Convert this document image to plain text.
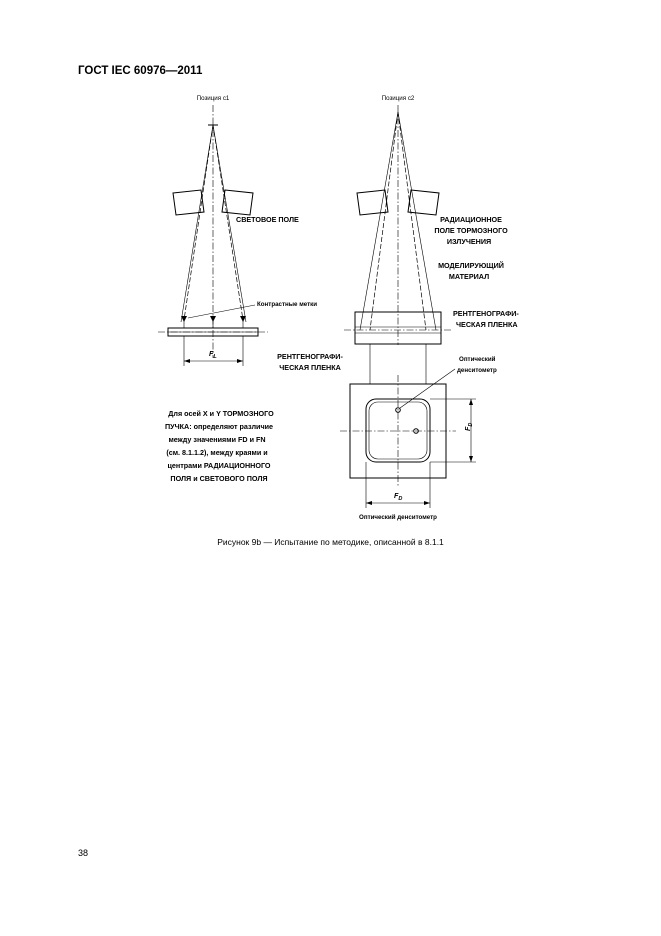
ГОСТ IEC 60976—2011
Позиция с1
СВЕТОВОЕ ПОЛЕ
Контрастные метки
$F_L$	РЕНТГЕНОГРАФИ-
ЧЕСКАЯ ПЛЕНКА
Для осей X и Y ТОРМОЗНОГО
ПУЧКА: определяют различие
между значениями FD и FN
(см. 8.1.1.2), между краями и
центрами РАДИАЦИОННОГО
ПОЛЯ и СВЕТОВОГО ПОЛЯ
Позиция с2
РАДИАЦИОННОЕ
ПОЛЕ ТОРМОЗНОГО
ИЗЛУЧЕНИЯ
МОДЕЛИРУЮЩИЙ
МАТЕРИАЛ
РЕНТГЕНОГРАФИ-
ЧЕСКАЯ ПЛЕНКА
Оптический
денситометр
$F_D$
$F_D$
Оптический денситометр
Рисунок 9b — Испытание по методике, описанной в 8.1.1
38
